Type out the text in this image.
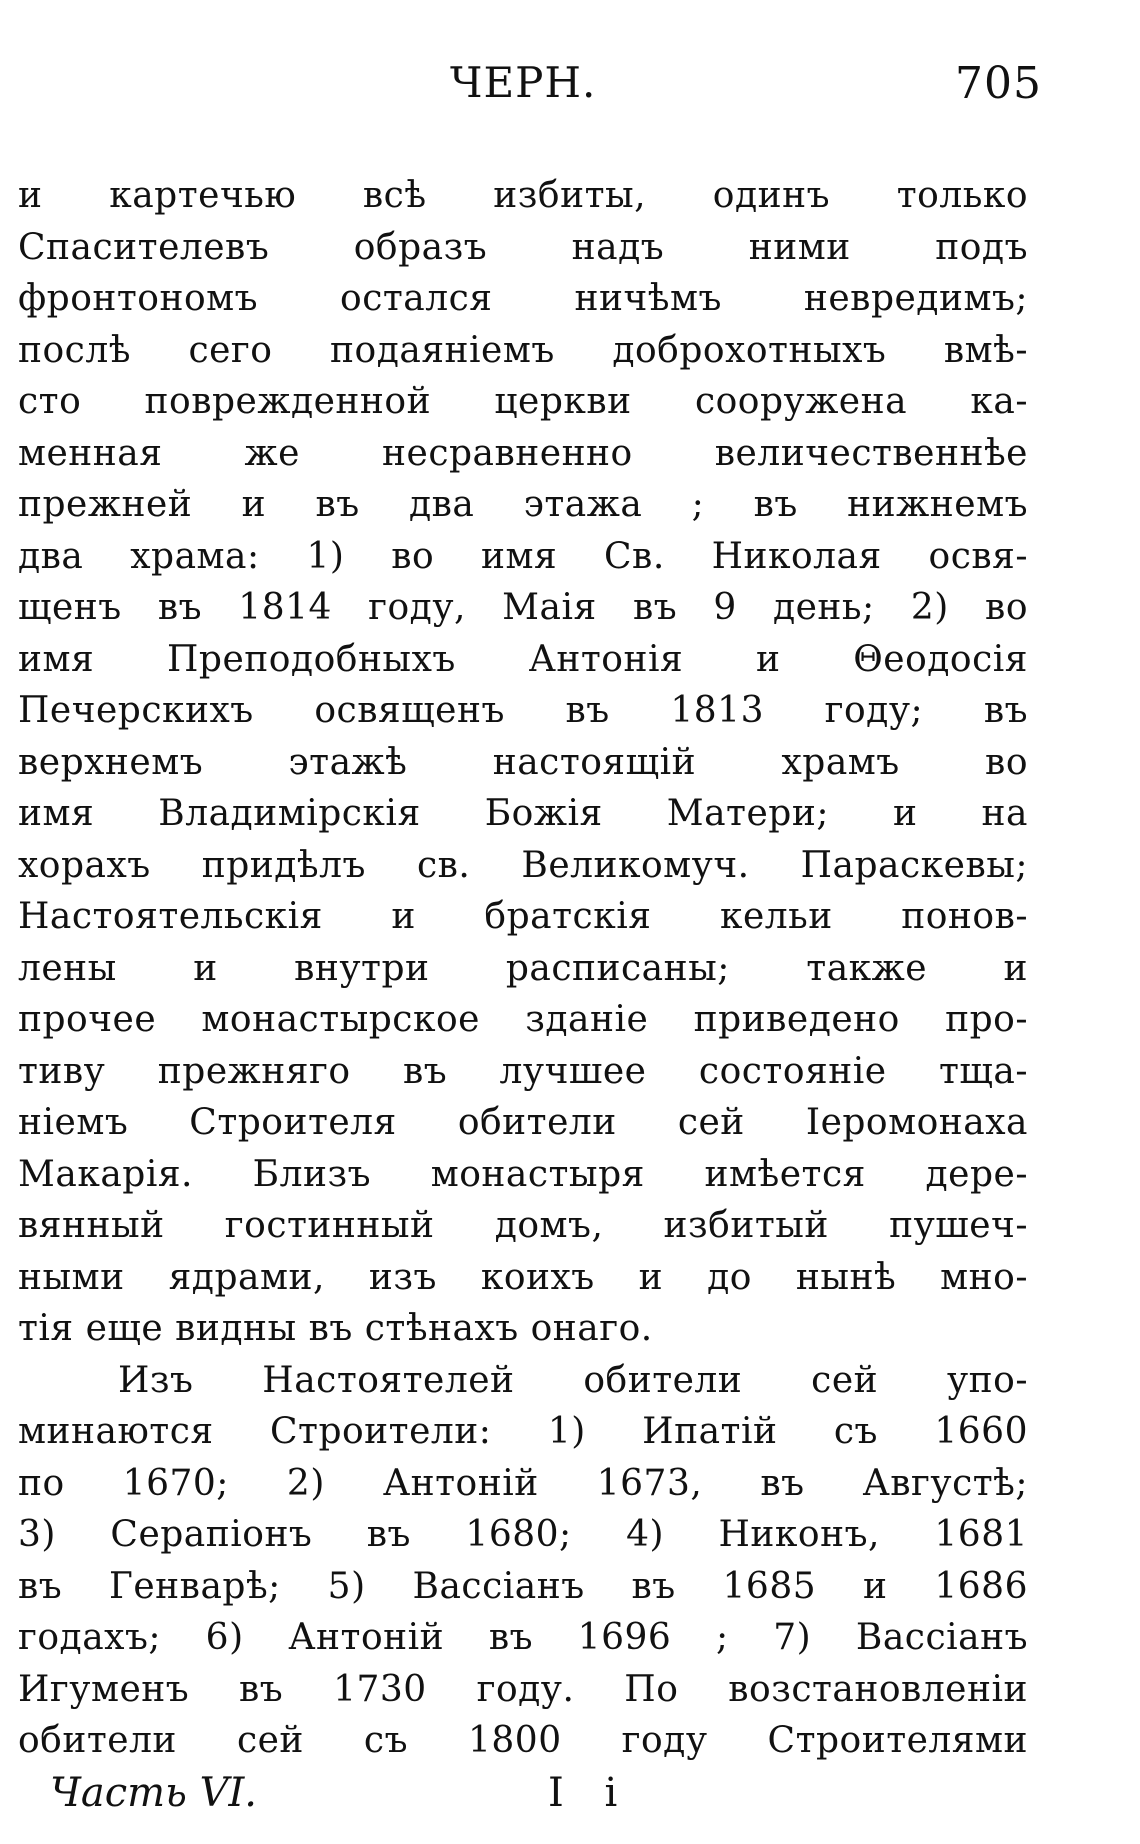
ЧЕРН.	705
и картечью всѣ избиты, одинъ только
Спасителевъ образъ надъ ними подъ
фронтономъ остался ничѣмъ невредимъ;
послѣ сего подаяніемъ доброхотныхъ вмѣ-
сто поврежденной церкви сооружена ка-
менная же несравненно величественнѣе
прежней и въ два этажа ; въ нижнемъ
два храма: 1) во имя Св. Николая освя-
щенъ въ 1814 году, Маія въ 9 день; 2) во
имя Преподобныхъ Антонія и Θеодосія
Печерскихъ освященъ въ 1813 году; въ
верхнемъ этажѣ настоящій храмъ во
имя Владимірскія Божія Матери; и на
хорахъ придѣлъ св. Великомуч. Параскевы;
Настоятельскія и братскія кельи понов-
лены и внутри расписаны; также и
прочее монастырское зданіе приведено про-
тиву прежняго въ лучшее состояніе тща-
ніемъ Строителя обители сей Іеромонаха
Макарія. Близъ монастыря имѣется дере-
вянный гостинный домъ, избитый пушеч-
ными ядрами, изъ коихъ и до нынѣ мно-
тія еще видны въ стѣнахъ онаго.
Изъ Настоятелей обители сей упо-
минаются Строители: 1) Ипатій съ 1660
по 1670; 2) Антоній 1673, въ Августѣ;
3) Серапіонъ въ 1680; 4) Никонъ, 1681
въ Генварѣ; 5) Вассіанъ въ 1685 и 1686
годахъ; 6) Антоній въ 1696 ; 7) Вассіанъ
Игуменъ въ 1730 году. По возстановленіи
обители сей съ 1800 году Строителями
Часть VI.	I i
